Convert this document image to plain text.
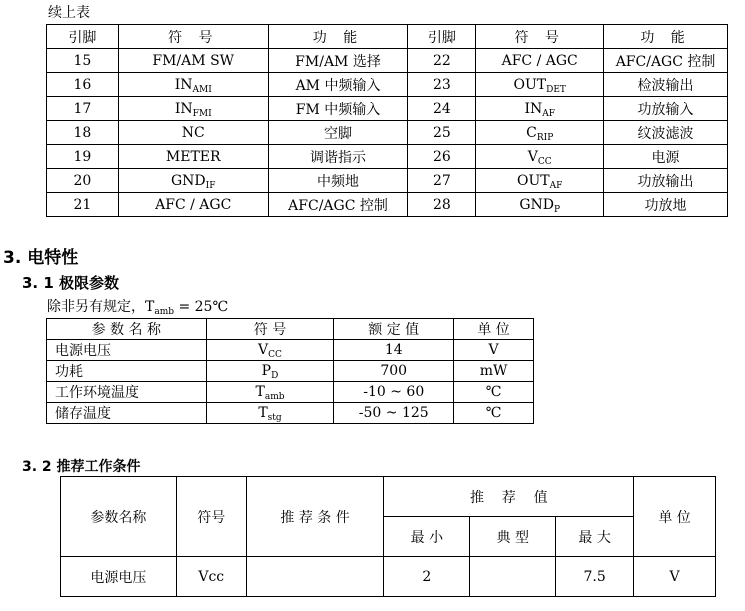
续上表
引脚	符 号	功 能	引脚	符 号	功 能
15	FM/AM SW	FM/AM 选择	22	AFC / AGC	AFC/AGC 控制
16	$IN_{AMI}$	AM 中频输入	23	$OUT_{DET}$	检波输出
17	$IN_{FMI}$	FM 中频输入	24	$IN_{AF}$	功放输入
18	NC	空脚	25	$C_{RIP}$	纹波滤波
19	METER	调谐指示	26	$V_{CC}$	电源
20	$GND_{IF}$	中频地	27	$OUT_{AF}$	功放输出
21	AFC / AGC	AFC/AGC 控制	28	$GND_P$	功放地
3. 电特性
3. 1 极限参数
除非另有规定，$T_{amb}$ = 25℃
参 数 名 称	符 号	额 定 值	单 位
电源电压	$V_{CC}$	14	V
功耗	$P_D$	700	mW
工作环境温度	$T_{amb}$	-10 ~ 60	℃
储存温度	$T_{stg}$	-50 ~ 125	℃
3. 2 推荐工作条件
参数名称	符号	推 荐 条 件	推    荐    值			单 位
			最 小	典 型	最 大	
电源电压	Vcc		2		7.5	V
